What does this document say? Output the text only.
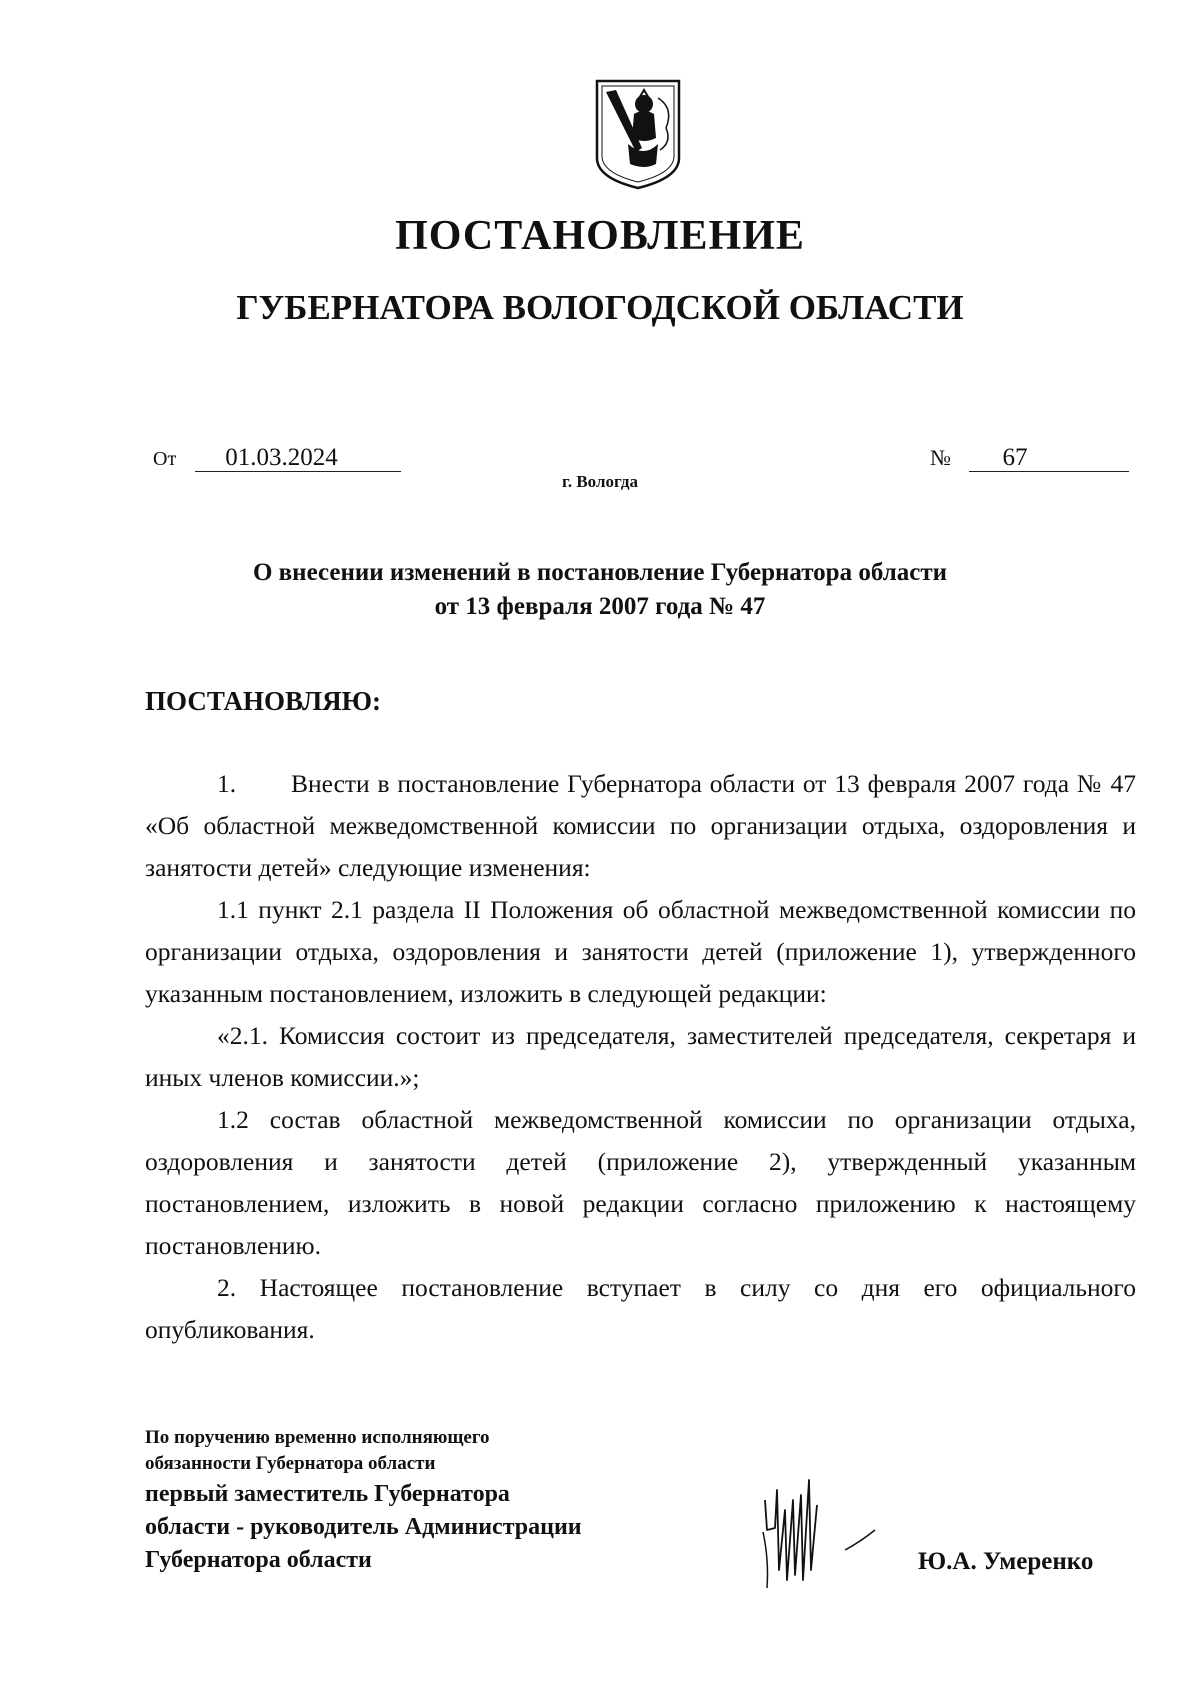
ПОСТАНОВЛЕНИЕ
ГУБЕРНАТОРА ВОЛОГОДСКОЙ ОБЛАСТИ
От 01.03.2024	№ 67
г. Вологда
О внесении изменений в постановление Губернатора области
от 13 февраля 2007 года № 47
ПОСТАНОВЛЯЮ:

1.       Внести в постановление Губернатора области от 13 февраля 2007 года № 47 «Об областной межведомственной комиссии по организации отдыха, оздоровления и занятости детей» следующие изменения:

1.1 пункт 2.1 раздела II Положения об областной межведомственной комиссии по организации отдыха, оздоровления и занятости детей (приложение 1), утвержденного указанным постановлением, изложить в следующей редакции:

«2.1. Комиссия состоит из председателя, заместителей председателя, секретаря и иных членов комиссии.»;

1.2 состав областной межведомственной комиссии по организации отдыха, оздоровления и занятости детей (приложение 2), утвержденный указанным постановлением, изложить в новой редакции согласно приложению к настоящему постановлению.

2. Настоящее постановление вступает в силу со дня его официального опубликования.

По поручению временно исполняющего
обязанности Губернатора области
первый заместитель Губернатора
области - руководитель Администрации
Губернатора области	Ю.А. Умеренко
